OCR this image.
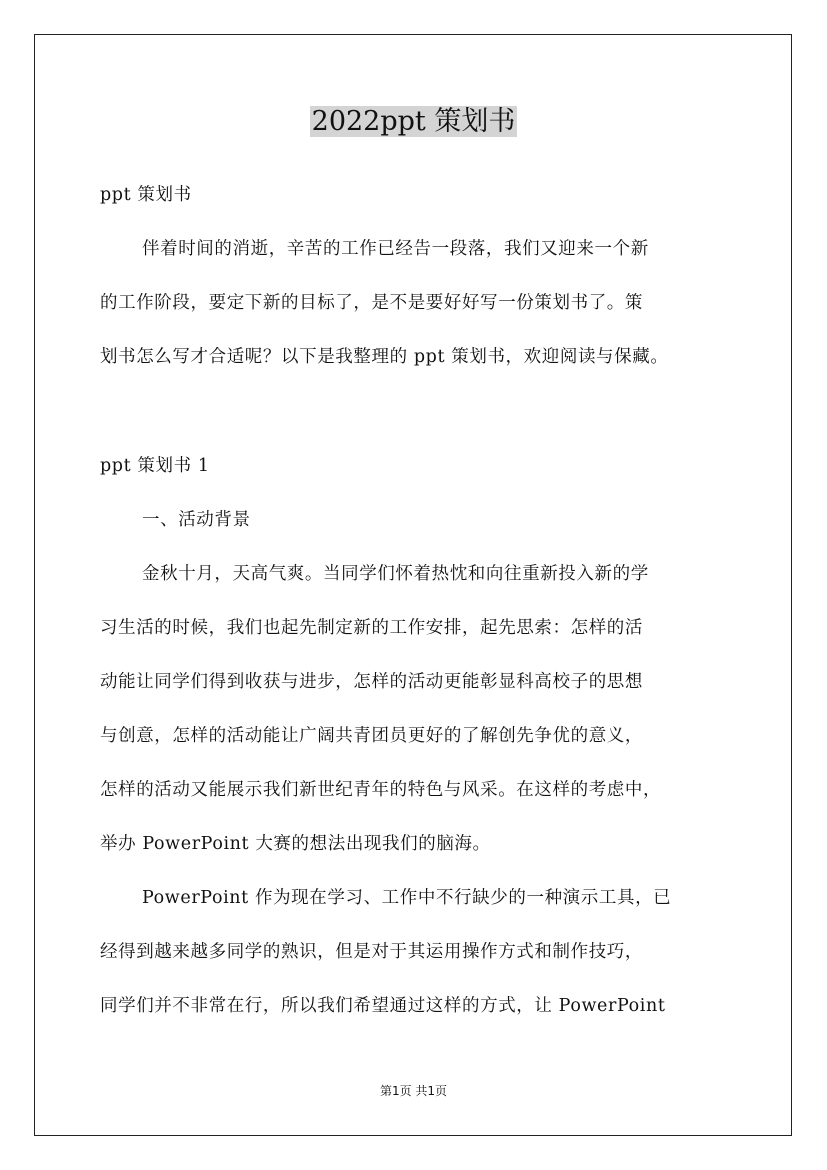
2022ppt 策划书
ppt 策划书
伴着时间的消逝，辛苦的工作已经告一段落，我们又迎来一个新
的工作阶段，要定下新的目标了，是不是要好好写一份策划书了。策
划书怎么写才合适呢？以下是我整理的 ppt 策划书，欢迎阅读与保藏。
ppt 策划书 1
一、活动背景
金秋十月，天高气爽。当同学们怀着热忱和向往重新投入新的学
习生活的时候，我们也起先制定新的工作安排，起先思索：怎样的活
动能让同学们得到收获与进步，怎样的活动更能彰显科高校子的思想
与创意，怎样的活动能让广阔共青团员更好的了解创先争优的意义，
怎样的活动又能展示我们新世纪青年的特色与风采。在这样的考虑中，
举办 PowerPoint 大赛的想法出现我们的脑海。
PowerPoint 作为现在学习、工作中不行缺少的一种演示工具，已
经得到越来越多同学的熟识，但是对于其运用操作方式和制作技巧，
同学们并不非常在行，所以我们希望通过这样的方式，让 PowerPoint
第1页 共1页
